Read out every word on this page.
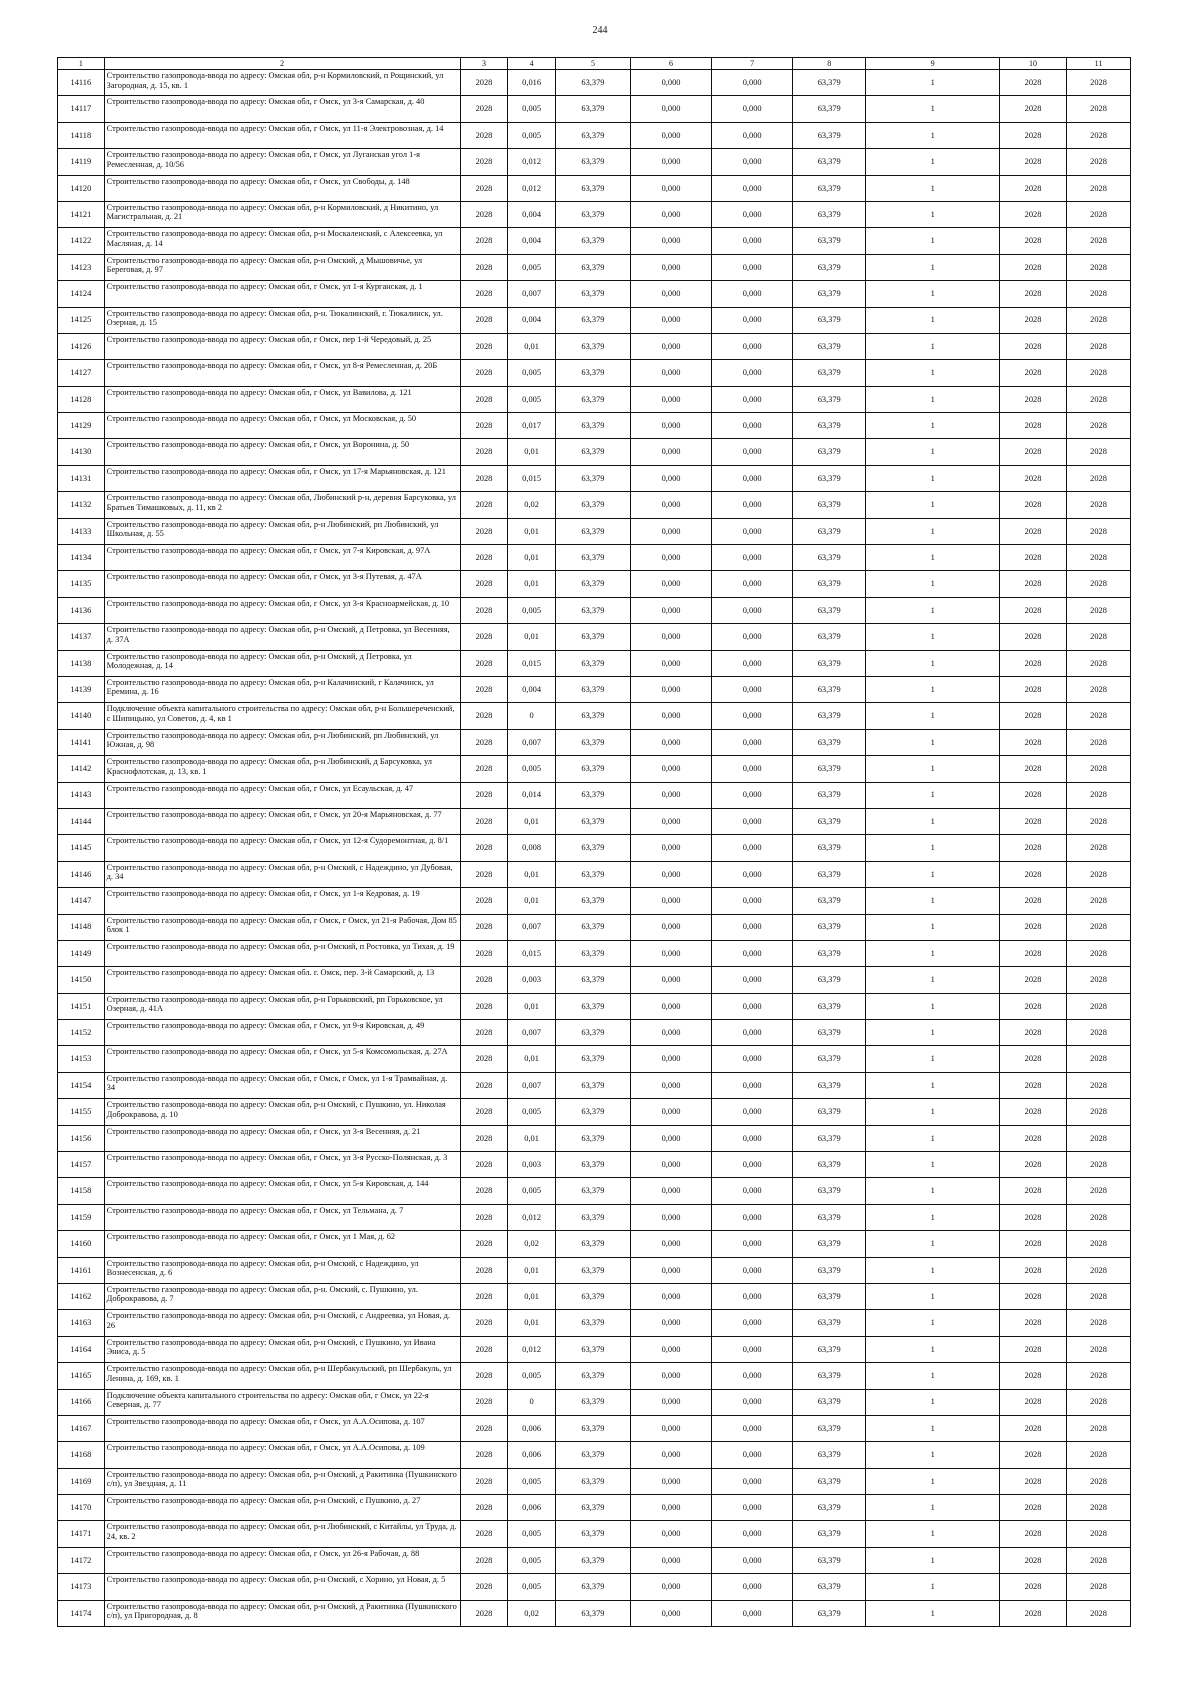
244
1	2	3	4	5	6	7	8	9	10	11
14116	Строительство газопровода-ввода по адресу: Омская обл, р-н Кормиловский, п Рощинский, ул Загородная, д. 15, кв. 1	2028	0,016	63,379	0,000	0,000	63,379	1	2028	2028
14117	Строительство газопровода-ввода по адресу: Омская обл, г Омск, ул 3-я Самарская, д. 40	2028	0,005	63,379	0,000	0,000	63,379	1	2028	2028
14118	Строительство газопровода-ввода по адресу: Омская обл, г Омск, ул 11-я Электровозная, д. 14	2028	0,005	63,379	0,000	0,000	63,379	1	2028	2028
14119	Строительство газопровода-ввода по адресу: Омская обл, г Омск, ул Луганская угол 1-я Ремесленная, д. 10/56	2028	0,012	63,379	0,000	0,000	63,379	1	2028	2028
14120	Строительство газопровода-ввода по адресу: Омская обл, г Омск, ул Свободы, д. 148	2028	0,012	63,379	0,000	0,000	63,379	1	2028	2028
14121	Строительство газопровода-ввода по адресу: Омская обл, р-н Кормиловский, д Никитино, ул Магистральная, д. 21	2028	0,004	63,379	0,000	0,000	63,379	1	2028	2028
14122	Строительство газопровода-ввода по адресу: Омская обл, р-н Москаленский, с Алексеевка, ул Масляная, д. 14	2028	0,004	63,379	0,000	0,000	63,379	1	2028	2028
14123	Строительство газопровода-ввода по адресу: Омская обл, р-н Омский, д Мышовичье, ул Береговая, д. 97	2028	0,005	63,379	0,000	0,000	63,379	1	2028	2028
14124	Строительство газопровода-ввода по адресу: Омская обл, г Омск, ул 1-я Курганская, д. 1	2028	0,007	63,379	0,000	0,000	63,379	1	2028	2028
14125	Строительство газопровода-ввода по адресу: Омская обл, р-н. Тюкалинский, г. Тюкалинск, ул. Озерная, д. 15	2028	0,004	63,379	0,000	0,000	63,379	1	2028	2028
14126	Строительство газопровода-ввода по адресу: Омская обл, г Омск, пер 1-й Чередовый, д. 25	2028	0,01	63,379	0,000	0,000	63,379	1	2028	2028
14127	Строительство газопровода-ввода по адресу: Омская обл, г Омск, ул 8-я Ремесленная, д. 20Б	2028	0,005	63,379	0,000	0,000	63,379	1	2028	2028
14128	Строительство газопровода-ввода по адресу: Омская обл, г Омск, ул Вавилова, д. 121	2028	0,005	63,379	0,000	0,000	63,379	1	2028	2028
14129	Строительство газопровода-ввода по адресу: Омская обл, г Омск, ул Московская, д. 50	2028	0,017	63,379	0,000	0,000	63,379	1	2028	2028
14130	Строительство газопровода-ввода по адресу: Омская обл, г Омск, ул Воронина, д. 50	2028	0,01	63,379	0,000	0,000	63,379	1	2028	2028
14131	Строительство газопровода-ввода по адресу: Омская обл, г Омск, ул 17-я Марьяновская, д. 121	2028	0,015	63,379	0,000	0,000	63,379	1	2028	2028
14132	Строительство газопровода-ввода по адресу: Омская обл, Любинский р-н, деревня Барсуковка, ул Братьев Тимашковых, д. 11, кв 2	2028	0,02	63,379	0,000	0,000	63,379	1	2028	2028
14133	Строительство газопровода-ввода по адресу: Омская обл, р-н Любинский, рп Любинский, ул Школьная, д. 55	2028	0,01	63,379	0,000	0,000	63,379	1	2028	2028
14134	Строительство газопровода-ввода по адресу: Омская обл, г Омск, ул 7-я Кировская, д. 97А	2028	0,01	63,379	0,000	0,000	63,379	1	2028	2028
14135	Строительство газопровода-ввода по адресу: Омская обл, г Омск, ул 3-я Путевая, д. 47А	2028	0,01	63,379	0,000	0,000	63,379	1	2028	2028
14136	Строительство газопровода-ввода по адресу: Омская обл, г Омск, ул 3-я Красноармейская, д. 10	2028	0,005	63,379	0,000	0,000	63,379	1	2028	2028
14137	Строительство газопровода-ввода по адресу: Омская обл, р-н Омский, д Петровка, ул Весенняя, д. 37А	2028	0,01	63,379	0,000	0,000	63,379	1	2028	2028
14138	Строительство газопровода-ввода по адресу: Омская обл, р-н Омский, д Петровка, ул Молодежная, д. 14	2028	0,015	63,379	0,000	0,000	63,379	1	2028	2028
14139	Строительство газопровода-ввода по адресу: Омская обл, р-н Калачинский, г Калачинск, ул Еремина, д. 16	2028	0,004	63,379	0,000	0,000	63,379	1	2028	2028
14140	Подключение объекта капитального строительства по адресу: Омская обл, р-н Большереченский, с Шипицыно, ул Советов, д. 4, кв 1	2028	0	63,379	0,000	0,000	63,379	1	2028	2028
14141	Строительство газопровода-ввода по адресу: Омская обл, р-н Любинский, рп Любинский, ул Южная, д. 98	2028	0,007	63,379	0,000	0,000	63,379	1	2028	2028
14142	Строительство газопровода-ввода по адресу: Омская обл, р-н Любинский, д Барсуковка, ул Краснофлотская, д. 13, кв. 1	2028	0,005	63,379	0,000	0,000	63,379	1	2028	2028
14143	Строительство газопровода-ввода по адресу: Омская обл, г Омск, ул Есаульская, д. 47	2028	0,014	63,379	0,000	0,000	63,379	1	2028	2028
14144	Строительство газопровода-ввода по адресу: Омская обл, г Омск, ул 20-я Марьяновская, д. 77	2028	0,01	63,379	0,000	0,000	63,379	1	2028	2028
14145	Строительство газопровода-ввода по адресу: Омская обл, г Омск, ул 12-я Судоремонтная, д. 8/1	2028	0,008	63,379	0,000	0,000	63,379	1	2028	2028
14146	Строительство газопровода-ввода по адресу: Омская обл, р-н Омский, с Надеждино, ул Дубовая, д. 34	2028	0,01	63,379	0,000	0,000	63,379	1	2028	2028
14147	Строительство газопровода-ввода по адресу: Омская обл, г Омск, ул 1-я Кедровая, д. 19	2028	0,01	63,379	0,000	0,000	63,379	1	2028	2028
14148	Строительство газопровода-ввода по адресу: Омская обл, г Омск, г Омск, ул 21-я Рабочая, Дом 85 блок 1	2028	0,007	63,379	0,000	0,000	63,379	1	2028	2028
14149	Строительство газопровода-ввода по адресу: Омская обл, р-н Омский, п Ростовка, ул Тихая, д. 19	2028	0,015	63,379	0,000	0,000	63,379	1	2028	2028
14150	Строительство газопровода-ввода по адресу: Омская обл. г. Омск, пер. 3-й Самарский, д. 13	2028	0,003	63,379	0,000	0,000	63,379	1	2028	2028
14151	Строительство газопровода-ввода по адресу: Омская обл, р-н Горьковский, рп Горьковское, ул Озерная, д. 41А	2028	0,01	63,379	0,000	0,000	63,379	1	2028	2028
14152	Строительство газопровода-ввода по адресу: Омская обл, г Омск, ул 9-я Кировская, д. 49	2028	0,007	63,379	0,000	0,000	63,379	1	2028	2028
14153	Строительство газопровода-ввода по адресу: Омская обл, г Омск, ул 5-я Комсомольская, д. 27А	2028	0,01	63,379	0,000	0,000	63,379	1	2028	2028
14154	Строительство газопровода-ввода по адресу: Омская обл, г Омск, г Омск, ул 1-я Трамвайная, д. 34	2028	0,007	63,379	0,000	0,000	63,379	1	2028	2028
14155	Строительство газопровода-ввода по адресу: Омская обл, р-н Омский, с Пушкино, ул. Николая Доброкравова, д. 10	2028	0,005	63,379	0,000	0,000	63,379	1	2028	2028
14156	Строительство газопровода-ввода по адресу: Омская обл, г Омск, ул 3-я Весенняя, д. 21	2028	0,01	63,379	0,000	0,000	63,379	1	2028	2028
14157	Строительство газопровода-ввода по адресу: Омская обл, г Омск, ул 3-я Русско-Полянская, д. 3	2028	0,003	63,379	0,000	0,000	63,379	1	2028	2028
14158	Строительство газопровода-ввода по адресу: Омская обл, г Омск, ул 5-я Кировская, д. 144	2028	0,005	63,379	0,000	0,000	63,379	1	2028	2028
14159	Строительство газопровода-ввода по адресу: Омская обл, г Омск, ул Тельмана, д. 7	2028	0,012	63,379	0,000	0,000	63,379	1	2028	2028
14160	Строительство газопровода-ввода по адресу: Омская обл, г Омск, ул 1 Мая, д. 62	2028	0,02	63,379	0,000	0,000	63,379	1	2028	2028
14161	Строительство газопровода-ввода по адресу: Омская обл, р-н Омский, с Надеждино, ул Вознесенская, д. 6	2028	0,01	63,379	0,000	0,000	63,379	1	2028	2028
14162	Строительство газопровода-ввода по адресу: Омская обл, р-н. Омский, с. Пушкино, ул. Доброкравова, д. 7	2028	0,01	63,379	0,000	0,000	63,379	1	2028	2028
14163	Строительство газопровода-ввода по адресу: Омская обл, р-н Омский, с Андреевка, ул Новая, д. 26	2028	0,01	63,379	0,000	0,000	63,379	1	2028	2028
14164	Строительство газопровода-ввода по адресу: Омская обл, р-н Омский, с Пушкино, ул Ивана Эниса, д. 5	2028	0,012	63,379	0,000	0,000	63,379	1	2028	2028
14165	Строительство газопровода-ввода по адресу: Омская обл, р-н Шербакульский, рп Шербакуль, ул Ленина, д. 169, кв. 1	2028	0,005	63,379	0,000	0,000	63,379	1	2028	2028
14166	Подключение объекта капитального строительства по адресу: Омская обл, г Омск, ул 22-я Северная, д. 77	2028	0	63,379	0,000	0,000	63,379	1	2028	2028
14167	Строительство газопровода-ввода по адресу: Омская обл, г Омск, ул А.А.Осипова, д. 107	2028	0,006	63,379	0,000	0,000	63,379	1	2028	2028
14168	Строительство газопровода-ввода по адресу: Омская обл, г Омск, ул А.А.Осипова, д. 109	2028	0,006	63,379	0,000	0,000	63,379	1	2028	2028
14169	Строительство газопровода-ввода по адресу: Омская обл, р-н Омский, д Ракитинка (Пушкинского с/п), ул Звездная, д. 11	2028	0,005	63,379	0,000	0,000	63,379	1	2028	2028
14170	Строительство газопровода-ввода по адресу: Омская обл, р-н Омский, с Пушкино, д. 27	2028	0,006	63,379	0,000	0,000	63,379	1	2028	2028
14171	Строительство газопровода-ввода по адресу: Омская обл, р-н Любинский, с Китайлы, ул Труда, д. 24, кв. 2	2028	0,005	63,379	0,000	0,000	63,379	1	2028	2028
14172	Строительство газопровода-ввода по адресу: Омская обл, г Омск, ул 26-я Рабочая, д. 88	2028	0,005	63,379	0,000	0,000	63,379	1	2028	2028
14173	Строительство газопровода-ввода по адресу: Омская обл, р-н Омский, с Хорино, ул Новая, д. 5	2028	0,005	63,379	0,000	0,000	63,379	1	2028	2028
14174	Строительство газопровода-ввода по адресу: Омская обл, р-н Омский, д Ракитинка (Пушкинского с/п), ул Пригородная, д. 8	2028	0,02	63,379	0,000	0,000	63,379	1	2028	2028
